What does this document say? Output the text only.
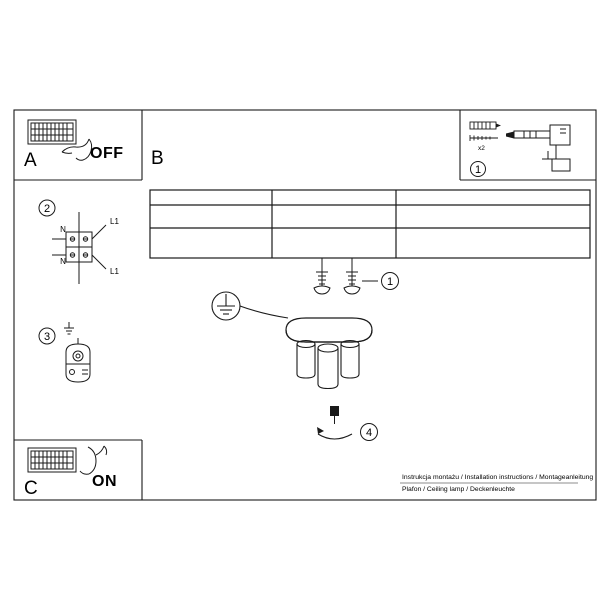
A	OFF B	x2
1
2
N
N
L1
L1
3
1
4
C	ON	Instrukcja montażu / Installation instructions / Montageanleitung
Plafon / Ceiling lamp / Deckenleuchte
